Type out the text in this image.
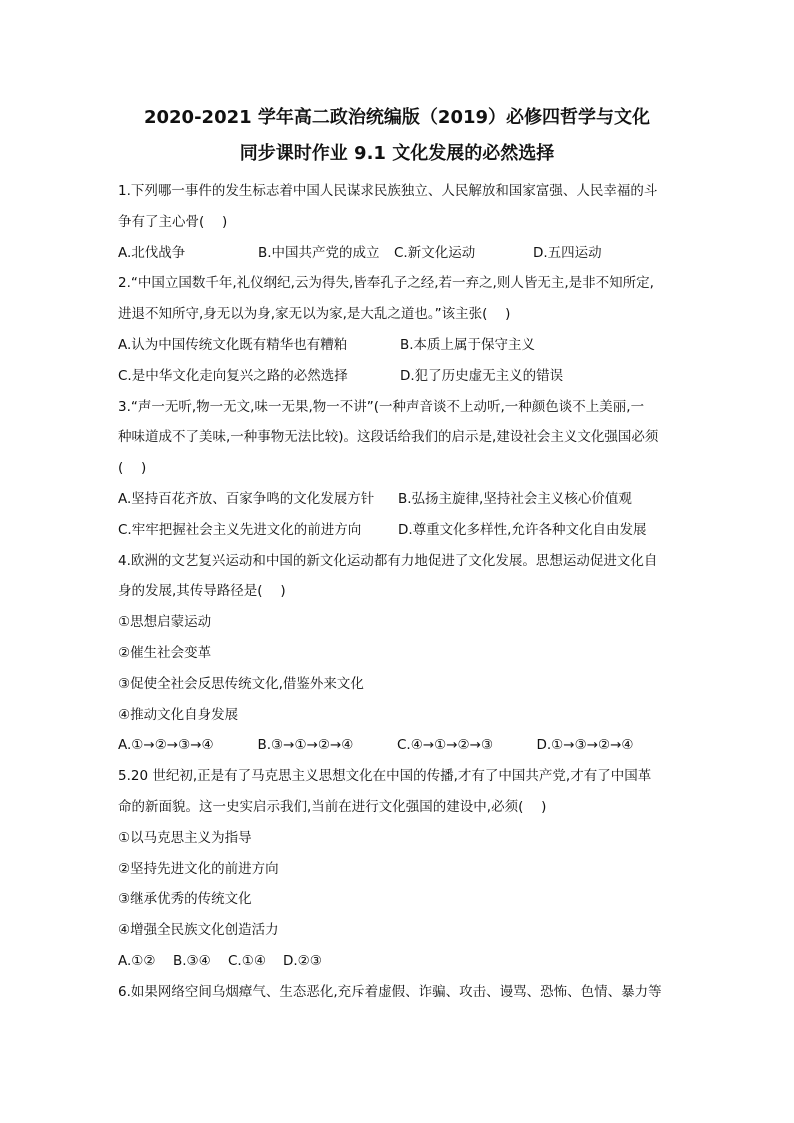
2020-2021 学年高二政治统编版（2019）必修四哲学与文化
同步课时作业 9.1 文化发展的必然选择
1.下列哪一事件的发生标志着中国人民谋求民族独立、人民解放和国家富强、人民幸福的斗
争有了主心骨(　 )
A.北伐战争	B.中国共产党的成立	C.新文化运动	D.五四运动
2.“中国立国数千年,礼仪纲纪,云为得失,皆奉孔子之经,若一弃之,则人皆无主,是非不知所定,
进退不知所守,身无以为身,家无以为家,是大乱之道也。”该主张(　 )
A.认为中国传统文化既有精华也有糟粕	B.本质上属于保守主义
C.是中华文化走向复兴之路的必然选择	D.犯了历史虚无主义的错误
3.“声一无听,物一无文,味一无果,物一不讲”(一种声音谈不上动听,一种颜色谈不上美丽,一
种味道成不了美味,一种事物无法比较)。这段话给我们的启示是,建设社会主义文化强国必须
(　 )
A.坚持百花齐放、百家争鸣的文化发展方针	B.弘扬主旋律,坚持社会主义核心价值观
C.牢牢把握社会主义先进文化的前进方向	D.尊重文化多样性,允许各种文化自由发展
4.欧洲的文艺复兴运动和中国的新文化运动都有力地促进了文化发展。思想运动促进文化自
身的发展,其传导路径是(　 )
①思想启蒙运动
②催生社会变革
③促使全社会反思传统文化,借鉴外来文化
④推动文化自身发展
A.①→②→③→④	B.③→①→②→④	C.④→①→②→③	D.①→③→②→④
5.20 世纪初,正是有了马克思主义思想文化在中国的传播,才有了中国共产党,才有了中国革
命的新面貌。这一史实启示我们,当前在进行文化强国的建设中,必须(　 )
①以马克思主义为指导
②坚持先进文化的前进方向
③继承优秀的传统文化
④增强全民族文化创造活力
A.①②	B.③④	C.①④	D.②③
6.如果网络空间乌烟瘴气、生态恶化,充斥着虚假、诈骗、攻击、谩骂、恐怖、色情、暴力等
